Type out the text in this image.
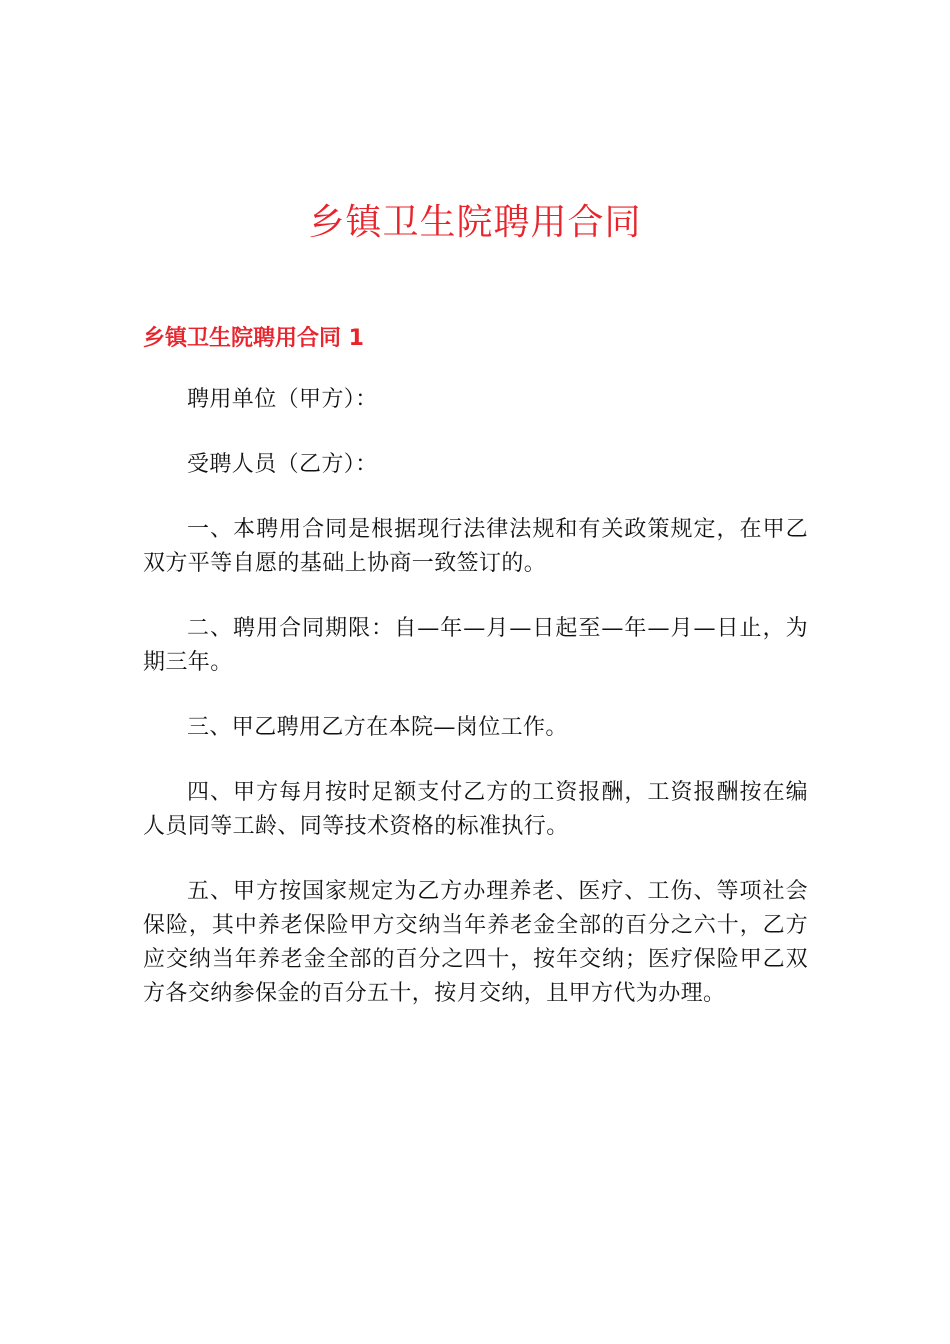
乡镇卫生院聘用合同
乡镇卫生院聘用合同 1

聘用单位（甲方）：

受聘人员（乙方）：

一、本聘用合同是根据现行法律法规和有关政策规定，在甲乙双方平等自愿的基础上协商一致签订的。

二、聘用合同期限：自—年—月—日起至—年—月—日止，为期三年。

三、甲乙聘用乙方在本院—岗位工作。

四、甲方每月按时足额支付乙方的工资报酬，工资报酬按在编人员同等工龄、同等技术资格的标准执行。

五、甲方按国家规定为乙方办理养老、医疗、工伤、等项社会保险，其中养老保险甲方交纳当年养老金全部的百分之六十，乙方应交纳当年养老金全部的百分之四十，按年交纳；医疗保险甲乙双方各交纳参保金的百分五十，按月交纳，且甲方代为办理。
